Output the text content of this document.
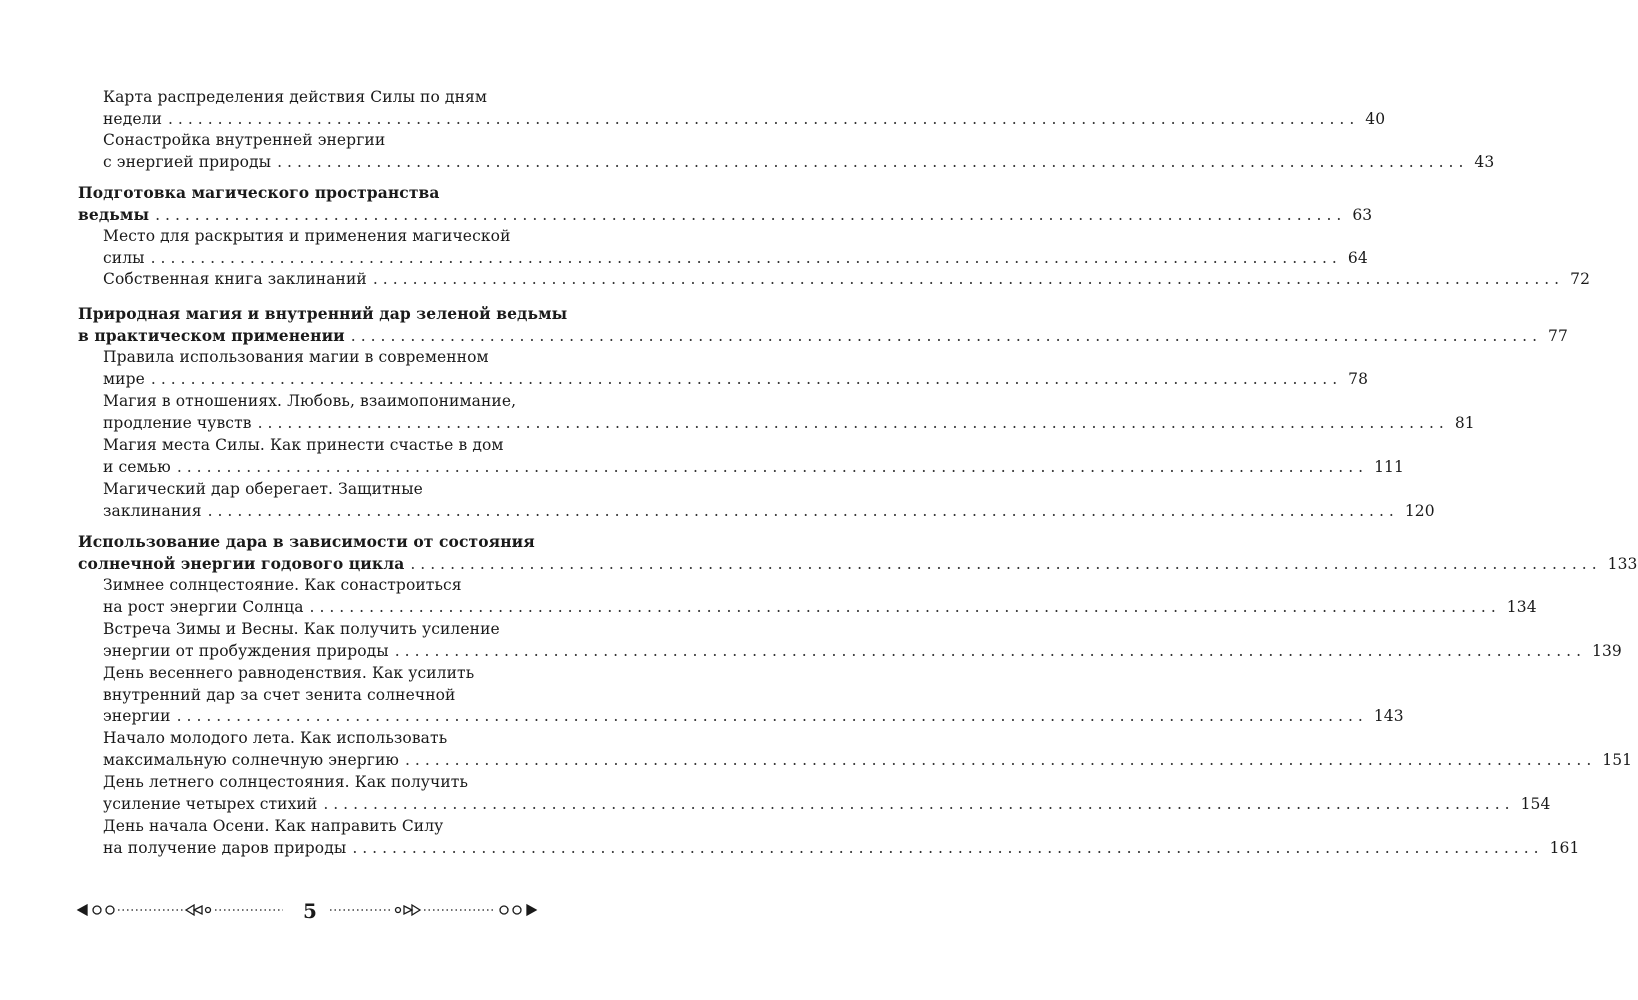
Карта распределения действия Силы по дням
недели ........................................................................................................................ 40
Сонастройка внутренней энергии
с энергией природы ........................................................................................................................ 43
Подготовка магического пространства
ведьмы ........................................................................................................................ 63
Место для раскрытия и применения магической
силы ........................................................................................................................ 64
Собственная книга заклинаний ........................................................................................................................ 72
Природная магия и внутренний дар зеленой ведьмы
в практическом применении ........................................................................................................................ 77
Правила использования магии в современном
мире ........................................................................................................................ 78
Магия в отношениях. Любовь, взаимопонимание,
продление чувств ........................................................................................................................ 81
Магия места Силы. Как принести счастье в дом
и семью ........................................................................................................................ 111
Магический дар оберегает. Защитные
заклинания ........................................................................................................................ 120
Использование дара в зависимости от состояния
солнечной энергии годового цикла ........................................................................................................................ 133
Зимнее солнцестояние. Как сонастроиться
на рост энергии Солнца ........................................................................................................................ 134
Встреча Зимы и Весны. Как получить усиление
энергии от пробуждения природы ........................................................................................................................ 139
День весеннего равноденствия. Как усилить
внутренний дар за счет зенита солнечной
энергии ........................................................................................................................ 143
Начало молодого лета. Как использовать
максимальную солнечную энергию ........................................................................................................................ 151
День летнего солнцестояния. Как получить
усиление четырех стихий ........................................................................................................................ 154
День начала Осени. Как направить Силу
на получение даров природы ........................................................................................................................ 161
5
